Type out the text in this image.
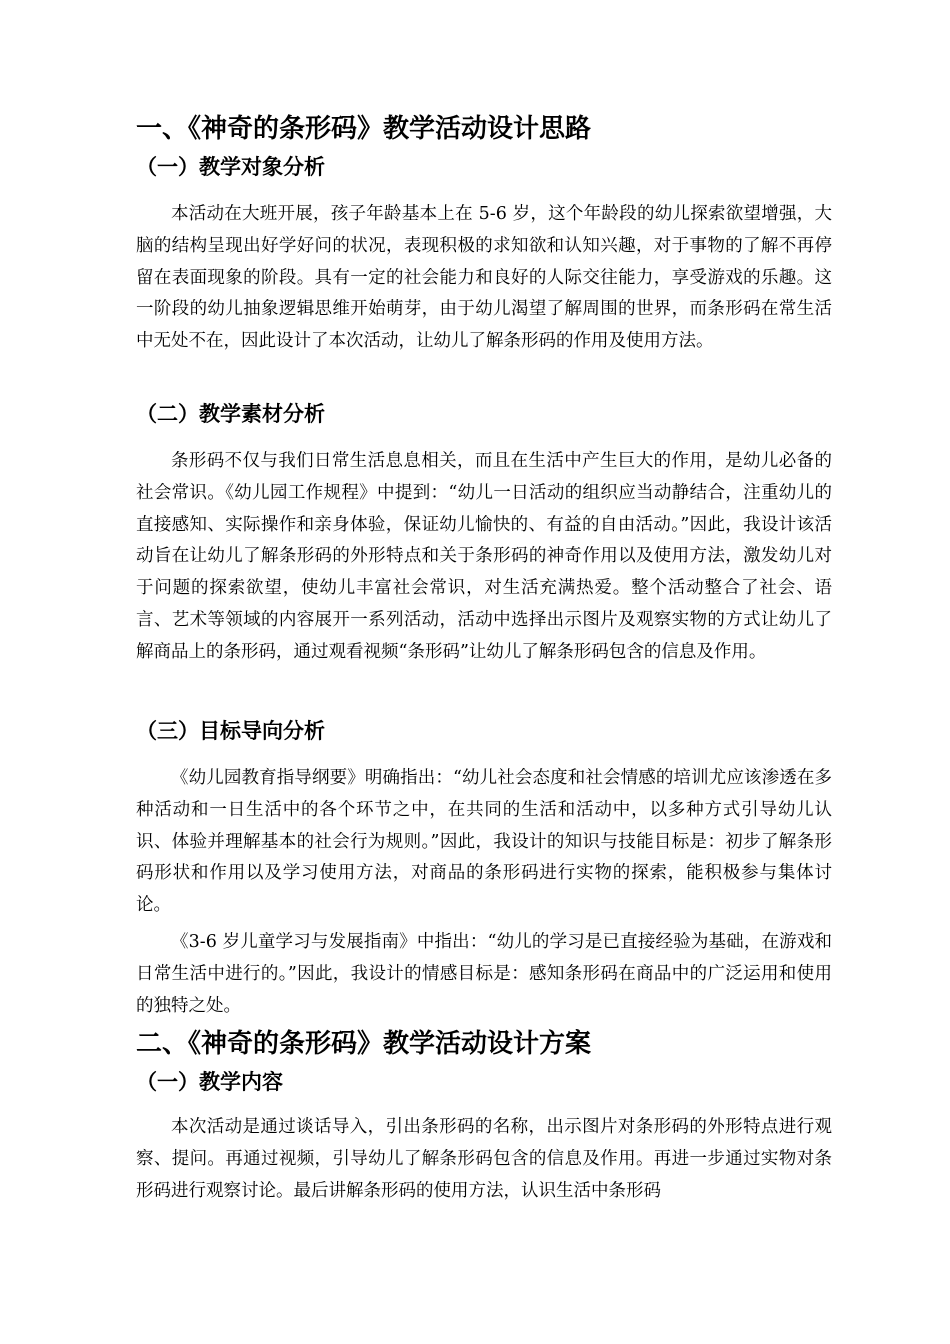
一、《神奇的条形码》教学活动设计思路
（一）教学对象分析

本活动在大班开展，孩子年龄基本上在 5-6 岁，这个年龄段的幼儿探索欲望增强，大脑的结构呈现出好学好问的状况，表现积极的求知欲和认知兴趣，对于事物的了解不再停留在表面现象的阶段。具有一定的社会能力和良好的人际交往能力，享受游戏的乐趣。这一阶段的幼儿抽象逻辑思维开始萌芽，由于幼儿渴望了解周围的世界，而条形码在常生活中无处不在，因此设计了本次活动，让幼儿了解条形码的作用及使用方法。

（二）教学素材分析

条形码不仅与我们日常生活息息相关，而且在生活中产生巨大的作用，是幼儿必备的社会常识。《幼儿园工作规程》中提到：“幼儿一日活动的组织应当动静结合，注重幼儿的直接感知、实际操作和亲身体验，保证幼儿愉快的、有益的自由活动。”因此，我设计该活动旨在让幼儿了解条形码的外形特点和关于条形码的神奇作用以及使用方法，激发幼儿对于问题的探索欲望，使幼儿丰富社会常识，对生活充满热爱。整个活动整合了社会、语言、艺术等领域的内容展开一系列活动，活动中选择出示图片及观察实物的方式让幼儿了解商品上的条形码，通过观看视频“条形码”让幼儿了解条形码包含的信息及作用。

（三）目标导向分析

《幼儿园教育指导纲要》明确指出：“幼儿社会态度和社会情感的培训尤应该渗透在多种活动和一日生活中的各个环节之中，在共同的生活和活动中，以多种方式引导幼儿认识、体验并理解基本的社会行为规则。”因此，我设计的知识与技能目标是：初步了解条形码形状和作用以及学习使用方法，对商品的条形码进行实物的探索，能积极参与集体讨论。

《3-6 岁儿童学习与发展指南》中指出：“幼儿的学习是已直接经验为基础，在游戏和日常生活中进行的。”因此，我设计的情感目标是：感知条形码在商品中的广泛运用和使用的独特之处。

二、《神奇的条形码》教学活动设计方案
（一）教学内容

本次活动是通过谈话导入，引出条形码的名称，出示图片对条形码的外形特点进行观察、提问。再通过视频，引导幼儿了解条形码包含的信息及作用。再进一步通过实物对条形码进行观察讨论。最后讲解条形码的使用方法，认识生活中条形码
